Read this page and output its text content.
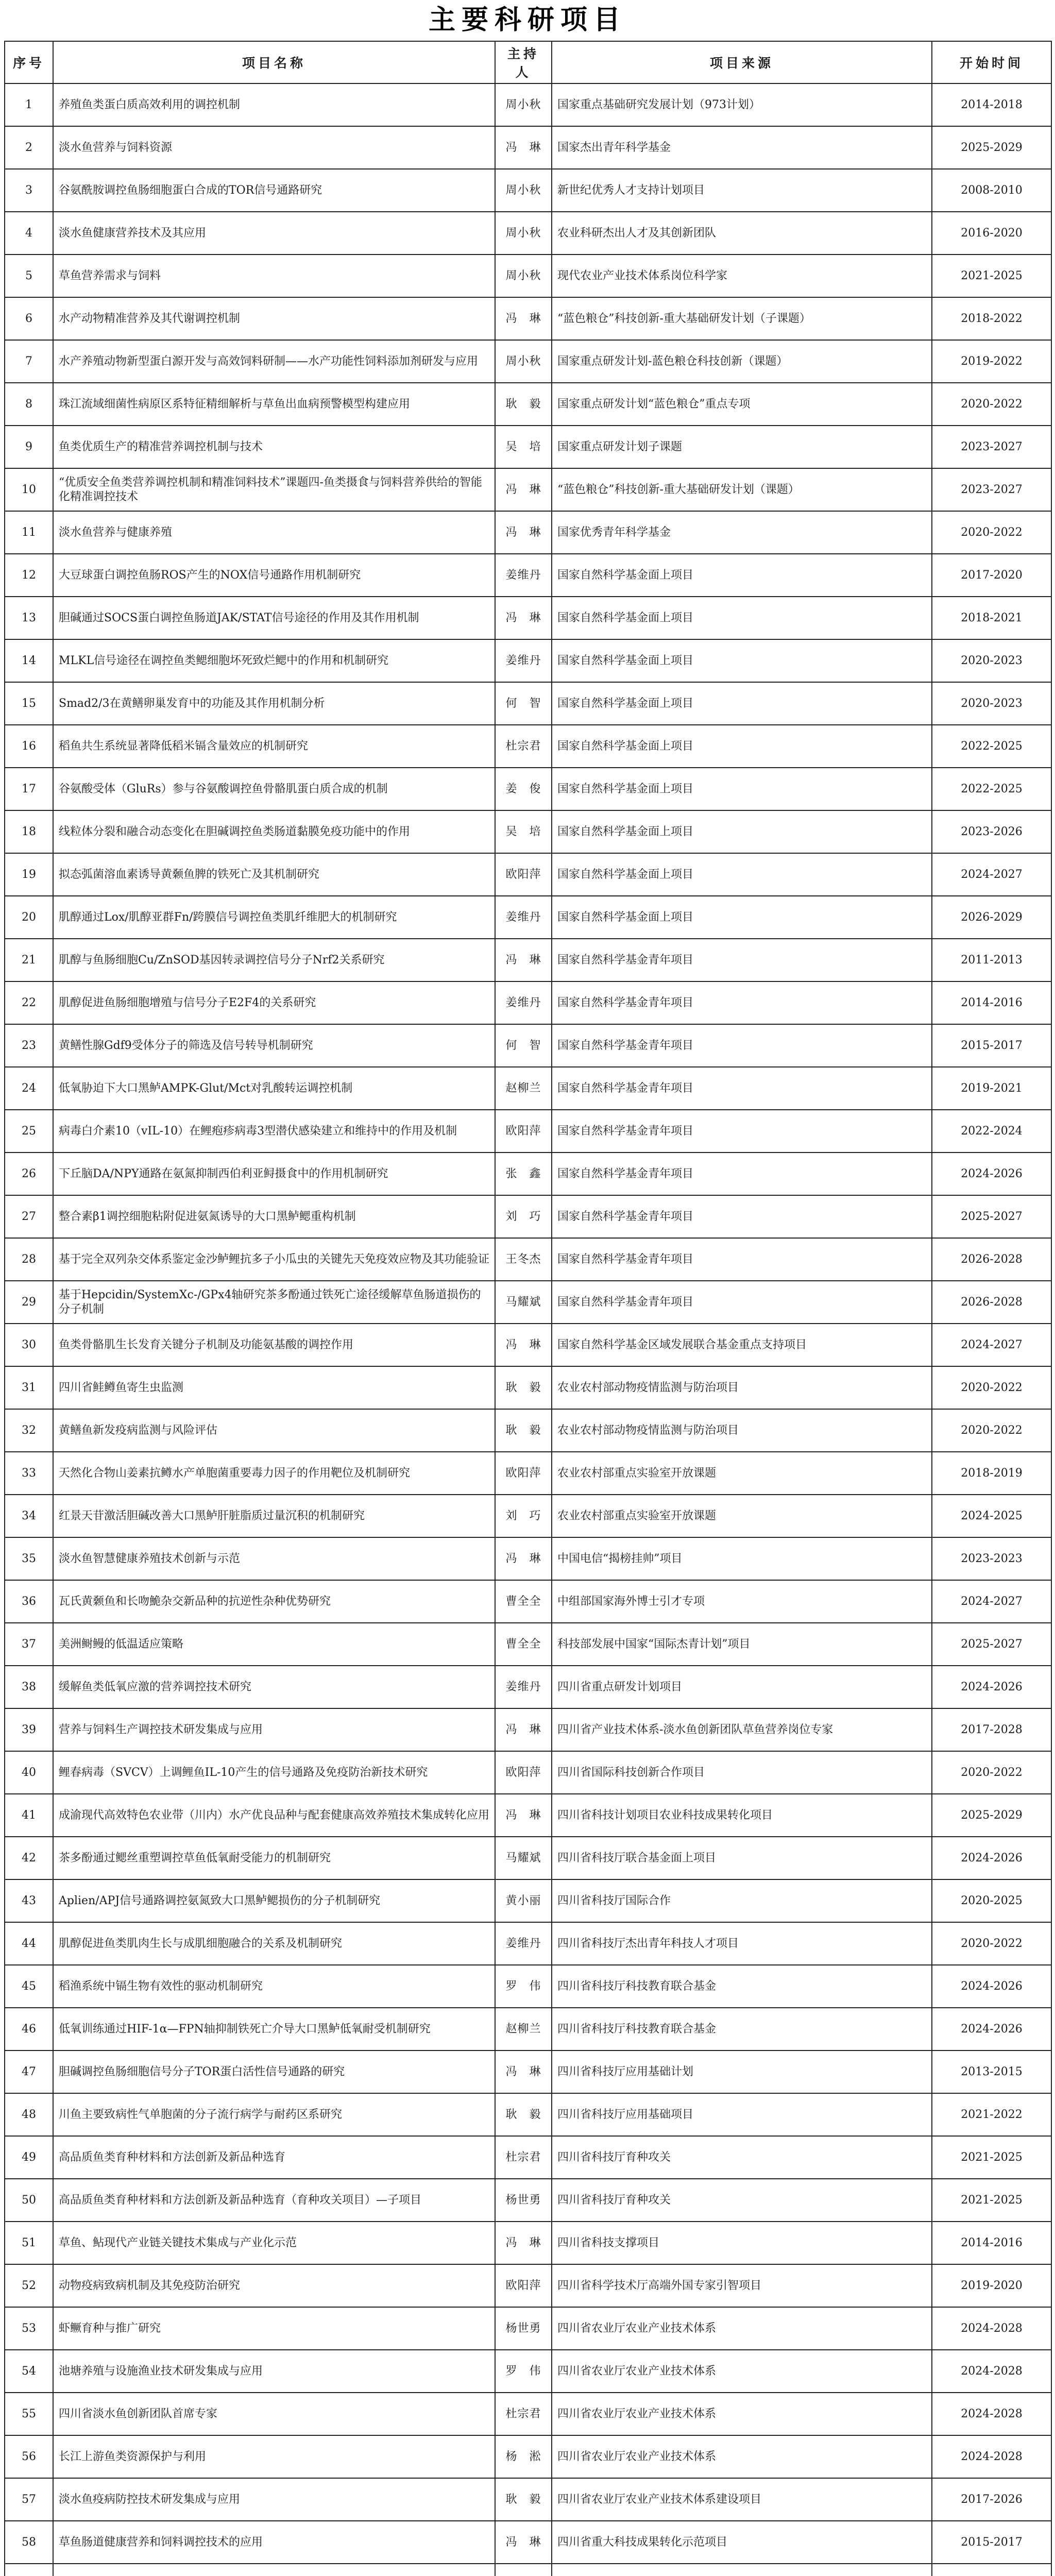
主要科研项目
序号	项目名称	主持人	项目来源	开始时间
1	养殖鱼类蛋白质高效利用的调控机制	周小秋	国家重点基础研究发展计划（973计划）	2014-2018
2	淡水鱼营养与饲料资源	冯　琳	国家杰出青年科学基金	2025-2029
3	谷氨酰胺调控鱼肠细胞蛋白合成的TOR信号通路研究	周小秋	新世纪优秀人才支持计划项目	2008-2010
4	淡水鱼健康营养技术及其应用	周小秋	农业科研杰出人才及其创新团队	2016-2020
5	草鱼营养需求与饲料	周小秋	现代农业产业技术体系岗位科学家	2021-2025
6	水产动物精准营养及其代谢调控机制	冯　琳	“蓝色粮仓”科技创新-重大基础研发计划（子课题）	2018-2022
7	水产养殖动物新型蛋白源开发与高效饲料研制——水产功能性饲料添加剂研发与应用	周小秋	国家重点研发计划-蓝色粮仓科技创新（课题）	2019-2022
8	珠江流域细菌性病原区系特征精细解析与草鱼出血病预警模型构建应用	耿　毅	国家重点研发计划“蓝色粮仓”重点专项	2020-2022
9	鱼类优质生产的精准营养调控机制与技术	吴　培	国家重点研发计划子课题	2023-2027
10	“优质安全鱼类营养调控机制和精准饲料技术”课题四-鱼类摄食与饲料营养供给的智能化精准调控技术	冯　琳	“蓝色粮仓”科技创新-重大基础研发计划（课题）	2023-2027
11	淡水鱼营养与健康养殖	冯　琳	国家优秀青年科学基金	2020-2022
12	大豆球蛋白调控鱼肠ROS产生的NOX信号通路作用机制研究	姜维丹	国家自然科学基金面上项目	2017-2020
13	胆碱通过SOCS蛋白调控鱼肠道JAK/STAT信号途径的作用及其作用机制	冯　琳	国家自然科学基金面上项目	2018-2021
14	MLKL信号途径在调控鱼类鳃细胞坏死致烂鳃中的作用和机制研究	姜维丹	国家自然科学基金面上项目	2020-2023
15	Smad2/3在黄鳝卵巢发育中的功能及其作用机制分析	何　智	国家自然科学基金面上项目	2020-2023
16	稻鱼共生系统显著降低稻米镉含量效应的机制研究	杜宗君	国家自然科学基金面上项目	2022-2025
17	谷氨酸受体（GluRs）参与谷氨酸调控鱼骨骼肌蛋白质合成的机制	姜　俊	国家自然科学基金面上项目	2022-2025
18	线粒体分裂和融合动态变化在胆碱调控鱼类肠道黏膜免疫功能中的作用	吴　培	国家自然科学基金面上项目	2023-2026
19	拟态弧菌溶血素诱导黄颡鱼脾的铁死亡及其机制研究	欧阳萍	国家自然科学基金面上项目	2024-2027
20	肌醇通过Lox/肌醇亚群Fn/跨膜信号调控鱼类肌纤维肥大的机制研究	姜维丹	国家自然科学基金面上项目	2026-2029
21	肌醇与鱼肠细胞Cu/ZnSOD基因转录调控信号分子Nrf2关系研究	冯　琳	国家自然科学基金青年项目	2011-2013
22	肌醇促进鱼肠细胞增殖与信号分子E2F4的关系研究	姜维丹	国家自然科学基金青年项目	2014-2016
23	黄鳝性腺Gdf9受体分子的筛选及信号转导机制研究	何　智	国家自然科学基金青年项目	2015-2017
24	低氧胁迫下大口黑鲈AMPK-Glut/Mct对乳酸转运调控机制	赵柳兰	国家自然科学基金青年项目	2019-2021
25	病毒白介素10（vIL-10）在鲤疱疹病毒3型潜伏感染建立和维持中的作用及机制	欧阳萍	国家自然科学基金青年项目	2022-2024
26	下丘脑DA/NPY通路在氨氮抑制西伯利亚鲟摄食中的作用机制研究	张　鑫	国家自然科学基金青年项目	2024-2026
27	整合素β1调控细胞粘附促进氨氮诱导的大口黑鲈鳃重构机制	刘　巧	国家自然科学基金青年项目	2025-2027
28	基于完全双列杂交体系鉴定金沙鲈鲤抗多子小瓜虫的关键先天免疫效应物及其功能验证	王冬杰	国家自然科学基金青年项目	2026-2028
29	基于Hepcidin/SystemXc-/GPx4轴研究茶多酚通过铁死亡途径缓解草鱼肠道损伤的分子机制	马耀斌	国家自然科学基金青年项目	2026-2028
30	鱼类骨骼肌生长发育关键分子机制及功能氨基酸的调控作用	冯　琳	国家自然科学基金区域发展联合基金重点支持项目	2024-2027
31	四川省鲑鳟鱼寄生虫监测	耿　毅	农业农村部动物疫情监测与防治项目	2020-2022
32	黄鳝鱼新发疫病监测与风险评估	耿　毅	农业农村部动物疫情监测与防治项目	2020-2022
33	天然化合物山姜素抗鳟水产单胞菌重要毒力因子的作用靶位及机制研究	欧阳萍	农业农村部重点实验室开放课题	2018-2019
34	红景天苷激活胆碱改善大口黑鲈肝脏脂质过量沉积的机制研究	刘　巧	农业农村部重点实验室开放课题	2024-2025
35	淡水鱼智慧健康养殖技术创新与示范	冯　琳	中国电信“揭榜挂帅”项目	2023-2023
36	瓦氏黄颡鱼和长吻鮠杂交新品种的抗逆性杂种优势研究	曹全全	中组部国家海外博士引才专项	2024-2027
37	美洲鲥鳗的低温适应策略	曹全全	科技部发展中国家“国际杰青计划”项目	2025-2027
38	缓解鱼类低氧应激的营养调控技术研究	姜维丹	四川省重点研发计划项目	2024-2026
39	营养与饲料生产调控技术研发集成与应用	冯　琳	四川省产业技术体系-淡水鱼创新团队草鱼营养岗位专家	2017-2028
40	鲤春病毒（SVCV）上调鲤鱼IL-10产生的信号通路及免疫防治新技术研究	欧阳萍	四川省国际科技创新合作项目	2020-2022
41	成渝现代高效特色农业带（川内）水产优良品种与配套健康高效养殖技术集成转化应用	冯　琳	四川省科技计划项目农业科技成果转化项目	2025-2029
42	茶多酚通过鳃丝重塑调控草鱼低氧耐受能力的机制研究	马耀斌	四川省科技厅联合基金面上项目	2024-2026
43	Aplien/APJ信号通路调控氨氮致大口黑鲈鳃损伤的分子机制研究	黄小丽	四川省科技厅国际合作	2020-2025
44	肌醇促进鱼类肌肉生长与成肌细胞融合的关系及机制研究	姜维丹	四川省科技厅杰出青年科技人才项目	2020-2022
45	稻渔系统中镉生物有效性的驱动机制研究	罗　伟	四川省科技厅科技教育联合基金	2024-2026
46	低氧训练通过HIF-1α—FPN轴抑制铁死亡介导大口黑鲈低氧耐受机制研究	赵柳兰	四川省科技厅科技教育联合基金	2024-2026
47	胆碱调控鱼肠细胞信号分子TOR蛋白活性信号通路的研究	冯　琳	四川省科技厅应用基础计划	2013-2015
48	川鱼主要致病性气单胞菌的分子流行病学与耐药区系研究	耿　毅	四川省科技厅应用基础项目	2021-2022
49	高品质鱼类育种材料和方法创新及新品种选育	杜宗君	四川省科技厅育种攻关	2021-2025
50	高品质鱼类育种材料和方法创新及新品种选育（育种攻关项目）—子项目	杨世勇	四川省科技厅育种攻关	2021-2025
51	草鱼、鲇现代产业链关键技术集成与产业化示范	冯　琳	四川省科技支撑项目	2014-2016
52	动物疫病致病机制及其免疫防治研究	欧阳萍	四川省科学技术厅高端外国专家引智项目	2019-2020
53	虾鳜育种与推广研究	杨世勇	四川省农业厅农业产业技术体系	2024-2028
54	池塘养殖与设施渔业技术研发集成与应用	罗　伟	四川省农业厅农业产业技术体系	2024-2028
55	四川省淡水鱼创新团队首席专家	杜宗君	四川省农业厅农业产业技术体系	2024-2028
56	长江上游鱼类资源保护与利用	杨　淞	四川省农业厅农业产业技术体系	2024-2028
57	淡水鱼疫病防控技术研发集成与应用	耿　毅	四川省农业厅农业产业技术体系建设项目	2017-2026
58	草鱼肠道健康营养和饲料调控技术的应用	冯　琳	四川省重大科技成果转化示范项目	2015-2017
